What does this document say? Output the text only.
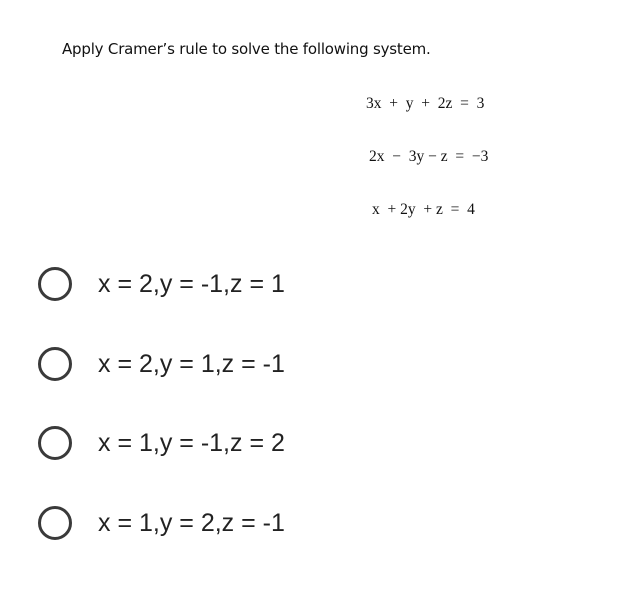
Apply Cramer’s rule to solve the following system.
3x  +  y  +  2z  =  3
2x  −  3y − z  =  −3
x  + 2y  + z  =  4
x = 2,y = -1,z = 1
x = 2,y = 1,z = -1
x = 1,y = -1,z = 2
x = 1,y = 2,z = -1
